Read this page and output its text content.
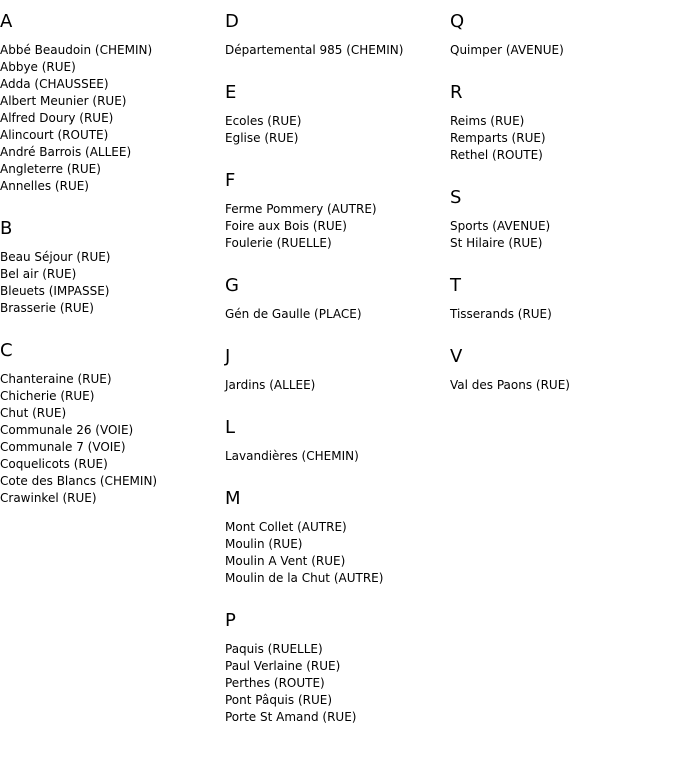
A
Abbé Beaudoin (CHEMIN)
Abbye (RUE)
Adda (CHAUSSEE)
Albert Meunier (RUE)
Alfred Doury (RUE)
Alincourt (ROUTE)
André Barrois (ALLEE)
Angleterre (RUE)
Annelles (RUE)
B
Beau Séjour (RUE)
Bel air (RUE)
Bleuets (IMPASSE)
Brasserie (RUE)
C
Chanteraine (RUE)
Chicherie (RUE)
Chut (RUE)
Communale 26 (VOIE)
Communale 7 (VOIE)
Coquelicots (RUE)
Cote des Blancs (CHEMIN)
Crawinkel (RUE)
D
Départemental 985 (CHEMIN)
E
Ecoles (RUE)
Eglise (RUE)
F
Ferme Pommery (AUTRE)
Foire aux Bois (RUE)
Foulerie (RUELLE)
G
Gén de Gaulle (PLACE)
J
Jardins (ALLEE)
L
Lavandières (CHEMIN)
M
Mont Collet (AUTRE)
Moulin (RUE)
Moulin A Vent (RUE)
Moulin de la Chut (AUTRE)
P
Paquis (RUELLE)
Paul Verlaine (RUE)
Perthes (ROUTE)
Pont Pâquis (RUE)
Porte St Amand (RUE)
Q
Quimper (AVENUE)
R
Reims (RUE)
Remparts (RUE)
Rethel (ROUTE)
S
Sports (AVENUE)
St Hilaire (RUE)
T
Tisserands (RUE)
V
Val des Paons (RUE)
